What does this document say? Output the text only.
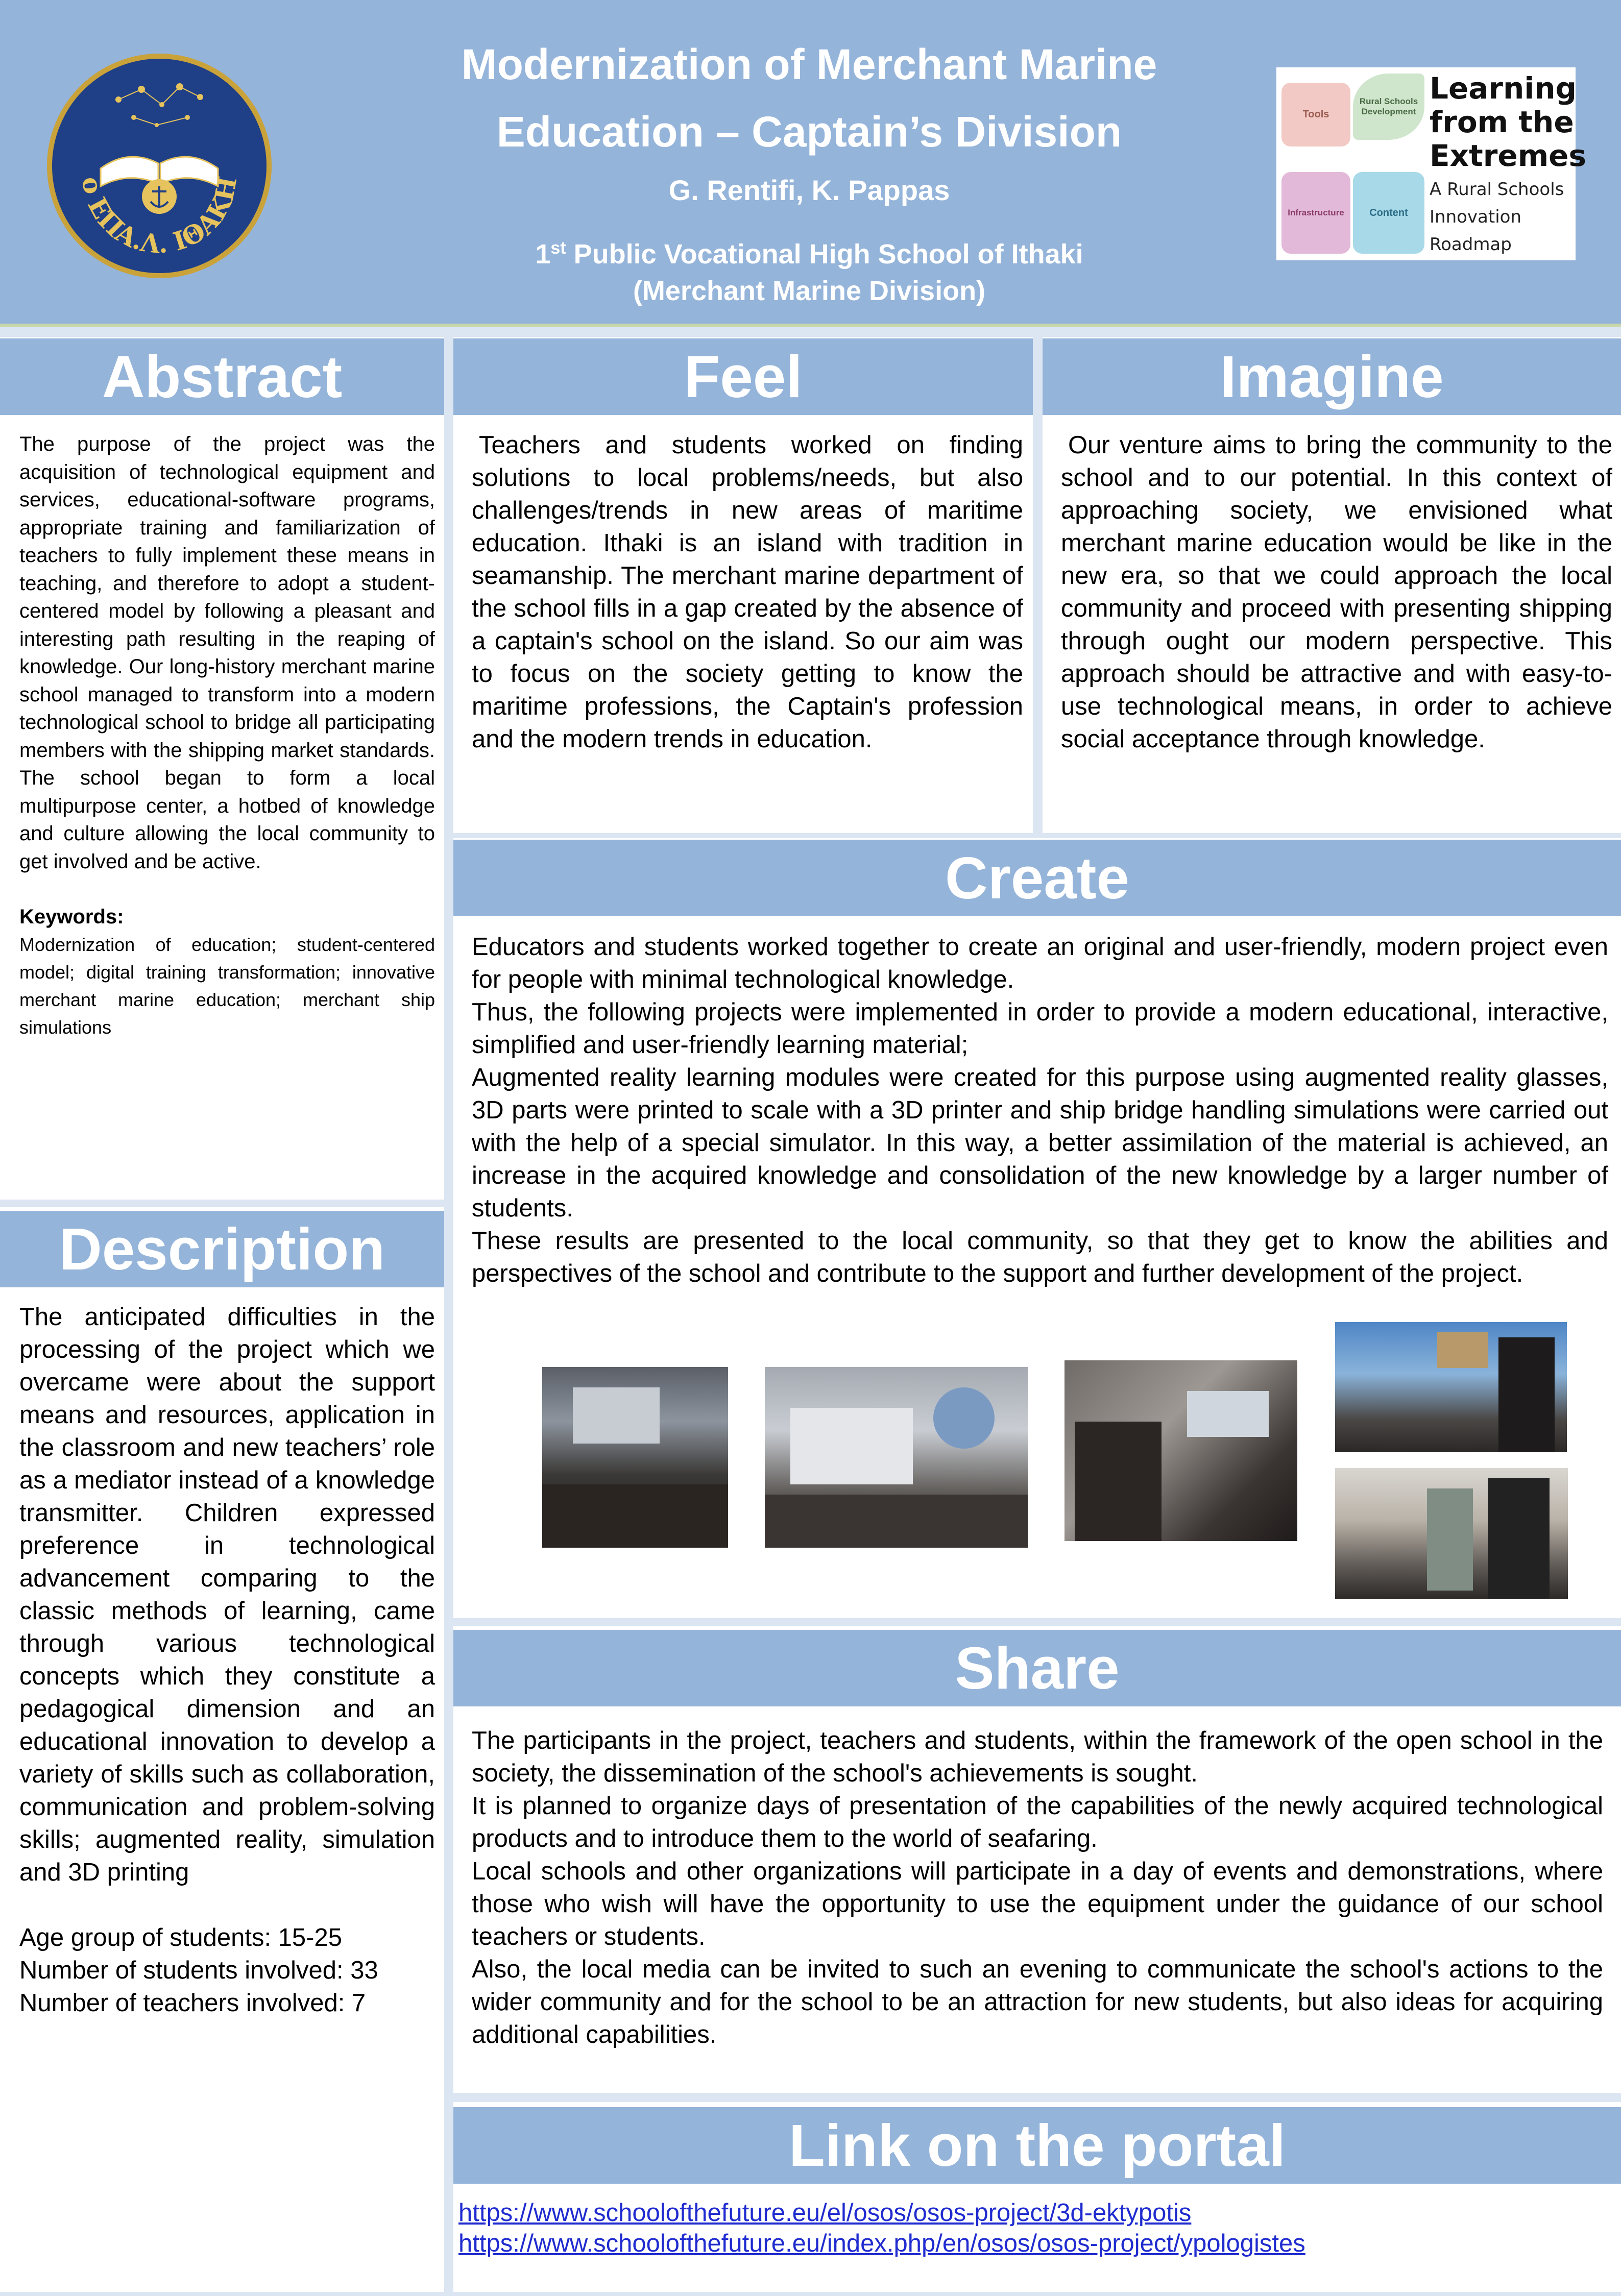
ο ΕΠΑ.Λ. ΙΘΑΚΗ
Modernization of Merchant Marine
Education – Captain’s Division
G. Rentifi, K. Pappas
1st Public Vocational High School of Ithaki
(Merchant Marine Division)
Tools
Rural Schools Development
Infrastructure	Content
Learning from the Extremes
A Rural Schools Innovation Roadmap
Abstract
The purpose of the project was the acquisition of technological equipment and services, educational-software programs, appropriate training and familiarization of teachers to fully implement these means in teaching, and therefore to adopt a student-centered model by following a pleasant and interesting path resulting in the reaping of knowledge. Our long-history merchant marine school managed to transform into a modern technological school to bridge all participating members with the shipping market standards. The school began to form a local multipurpose center, a hotbed of knowledge and culture allowing the local community to get involved and be active.
Keywords:
Modernization of education; student-centered model; digital training transformation; innovative merchant marine education; merchant ship simulations
Description
The anticipated difficulties in the processing of the project which we overcame were about the support means and resources, application in the classroom and new teachers’ role as a mediator instead of a knowledge transmitter. Children expressed preference in technological advancement comparing to the classic methods of learning, came through various technological concepts which they constitute a pedagogical dimension and an educational innovation to develop a variety of skills such as collaboration, communication and problem-solving skills; augmented reality, simulation and 3D printing
Age group of students: 15-25
Number of students involved: 33
Number of teachers involved: 7
Feel
Teachers and students worked on finding solutions to local problems/needs, but also challenges/trends in new areas of maritime education. Ithaki is an island with tradition in seamanship. The merchant marine department of the school fills in a gap created by the absence of a captain's school on the island. So our aim was to focus on the society getting to know the maritime professions, the Captain's profession and the modern trends in education.
Imagine
Our venture aims to bring the community to the school and to our potential. In this context of approaching society, we envisioned what merchant marine education would be like in the new era, so that we could approach the local community and proceed with presenting shipping through ought our modern perspective. This approach should be attractive and with easy-to-use technological means, in order to achieve social acceptance through knowledge.
Create
Educators and students worked together to create an original and user-friendly, modern project even for people with minimal technological knowledge.
Thus, the following projects were implemented in order to provide a modern educational, interactive, simplified and user-friendly learning material;
Augmented reality learning modules were created for this purpose using augmented reality glasses, 3D parts were printed to scale with a 3D printer and ship bridge handling simulations were carried out with the help of a special simulator. In this way, a better assimilation of the material is achieved, an increase in the acquired knowledge and consolidation of the new knowledge by a larger number of students.
These results are presented to the local community, so that they get to know the abilities and perspectives of the school and contribute to the support and further development of the project.
Share
The participants in the project, teachers and students, within the framework of the open school in the society, the dissemination of the school's achievements is sought.
It is planned to organize days of presentation of the capabilities of the newly acquired technological products and to introduce them to the world of seafaring.
Local schools and other organizations will participate in a day of events and demonstrations, where those who wish will have the opportunity to use the equipment under the guidance of our school teachers or students.
Also, the local media can be invited to such an evening to communicate the school's actions to the wider community and for the school to be an attraction for new students, but also ideas for acquiring additional capabilities.
Link on the portal
https://www.schoolofthefuture.eu/el/osos/osos-project/3d-ektypotis
https://www.schoolofthefuture.eu/index.php/en/osos/osos-project/ypologistes
